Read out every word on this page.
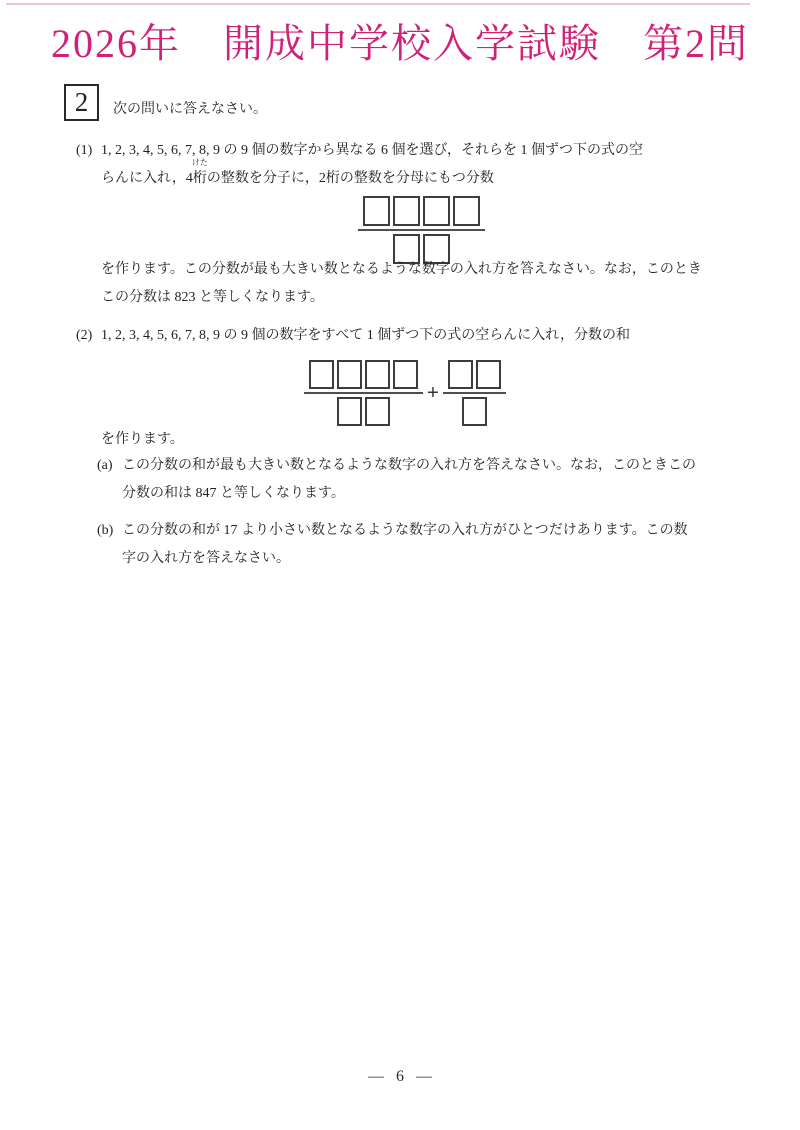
2026年　開成中学校入学試験　第2問
2 次の問いに答えなさい。
(1) 1, 2, 3, 4, 5, 6, 7, 8, 9 の 9 個の数字から異なる 6 個を選び，それらを 1 個ずつ下の式の空
らんに入れ，4桁
けた
の整数を分子に，2桁の整数を分母にもつ分数
を作ります。この分数が最も大きい数となるような数字の入れ方を答えなさい。なお，このとき
この分数は 823 と等しくなります。
(2) 1, 2, 3, 4, 5, 6, 7, 8, 9 の 9 個の数字をすべて 1 個ずつ下の式の空らんに入れ，分数の和
+
を作ります。
(a) この分数の和が最も大きい数となるような数字の入れ方を答えなさい。なお，このときこの
分数の和は 847 と等しくなります。
(b) この分数の和が 17 より小さい数となるような数字の入れ方がひとつだけあります。この数
字の入れ方を答えなさい。
— 6 —
